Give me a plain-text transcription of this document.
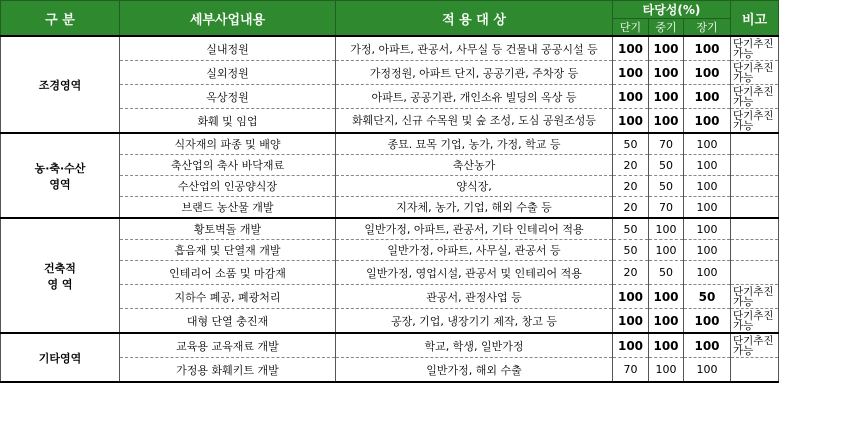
구 분	세부사업내용	적 용 대 상	타당성(%)			비고
			단기	중기	장기	
조경영역	실내정원	가정, 아파트, 관공서, 사무실 등 건물내 공공시설 등	100	100	100	단기추진가능
	실외정원	가정정원, 아파트 단지, 공공기관, 주차장 등	100	100	100	단기추진가능
	옥상정원	아파트, 공공기관, 개인소유 빌딩의 옥상 등	100	100	100	단기추진가능
	화훼 및 임업	화훼단지, 신규 수목원 및 숲 조성, 도심 공원조성등	100	100	100	단기추진가능
농·축·수산영역	식자재의 파종 및 배양	종묘. 묘목 기업, 농가, 가정, 학교 등	50	70	100	
	축산업의 축사 바닥재료	축산농가	20	50	100	
	수산업의 인공양식장	양식장,	20	50	100	
	브랜드 농산물 개발	지자체, 농가, 기업, 해외 수출 등	20	70	100	
건축적 영 역	황토벽돌 개발	일반가정, 아파트, 관공서, 기타 인테리어 적용	50	100	100	
	흡음재 및 단열재 개발	일반가정, 아파트, 사무실, 관공서 등	50	100	100	
	인테리어 소품 및 마감재	일반가정, 영업시설, 관공서 및 인테리어 적용	20	50	100	
	지하수 폐공, 폐광처리	관공서, 관정사업 등	100	100	50	단기추진가능
	대형 단열 충진재	공장, 기업, 냉장기기 제작, 창고 등	100	100	100	단기추진가능
기타영역	교육용 교육재료 개발	학교, 학생, 일반가정	100	100	100	단기추진가능
	가정용 화훼키트 개발	일반가정, 해외 수출	70	100	100	
